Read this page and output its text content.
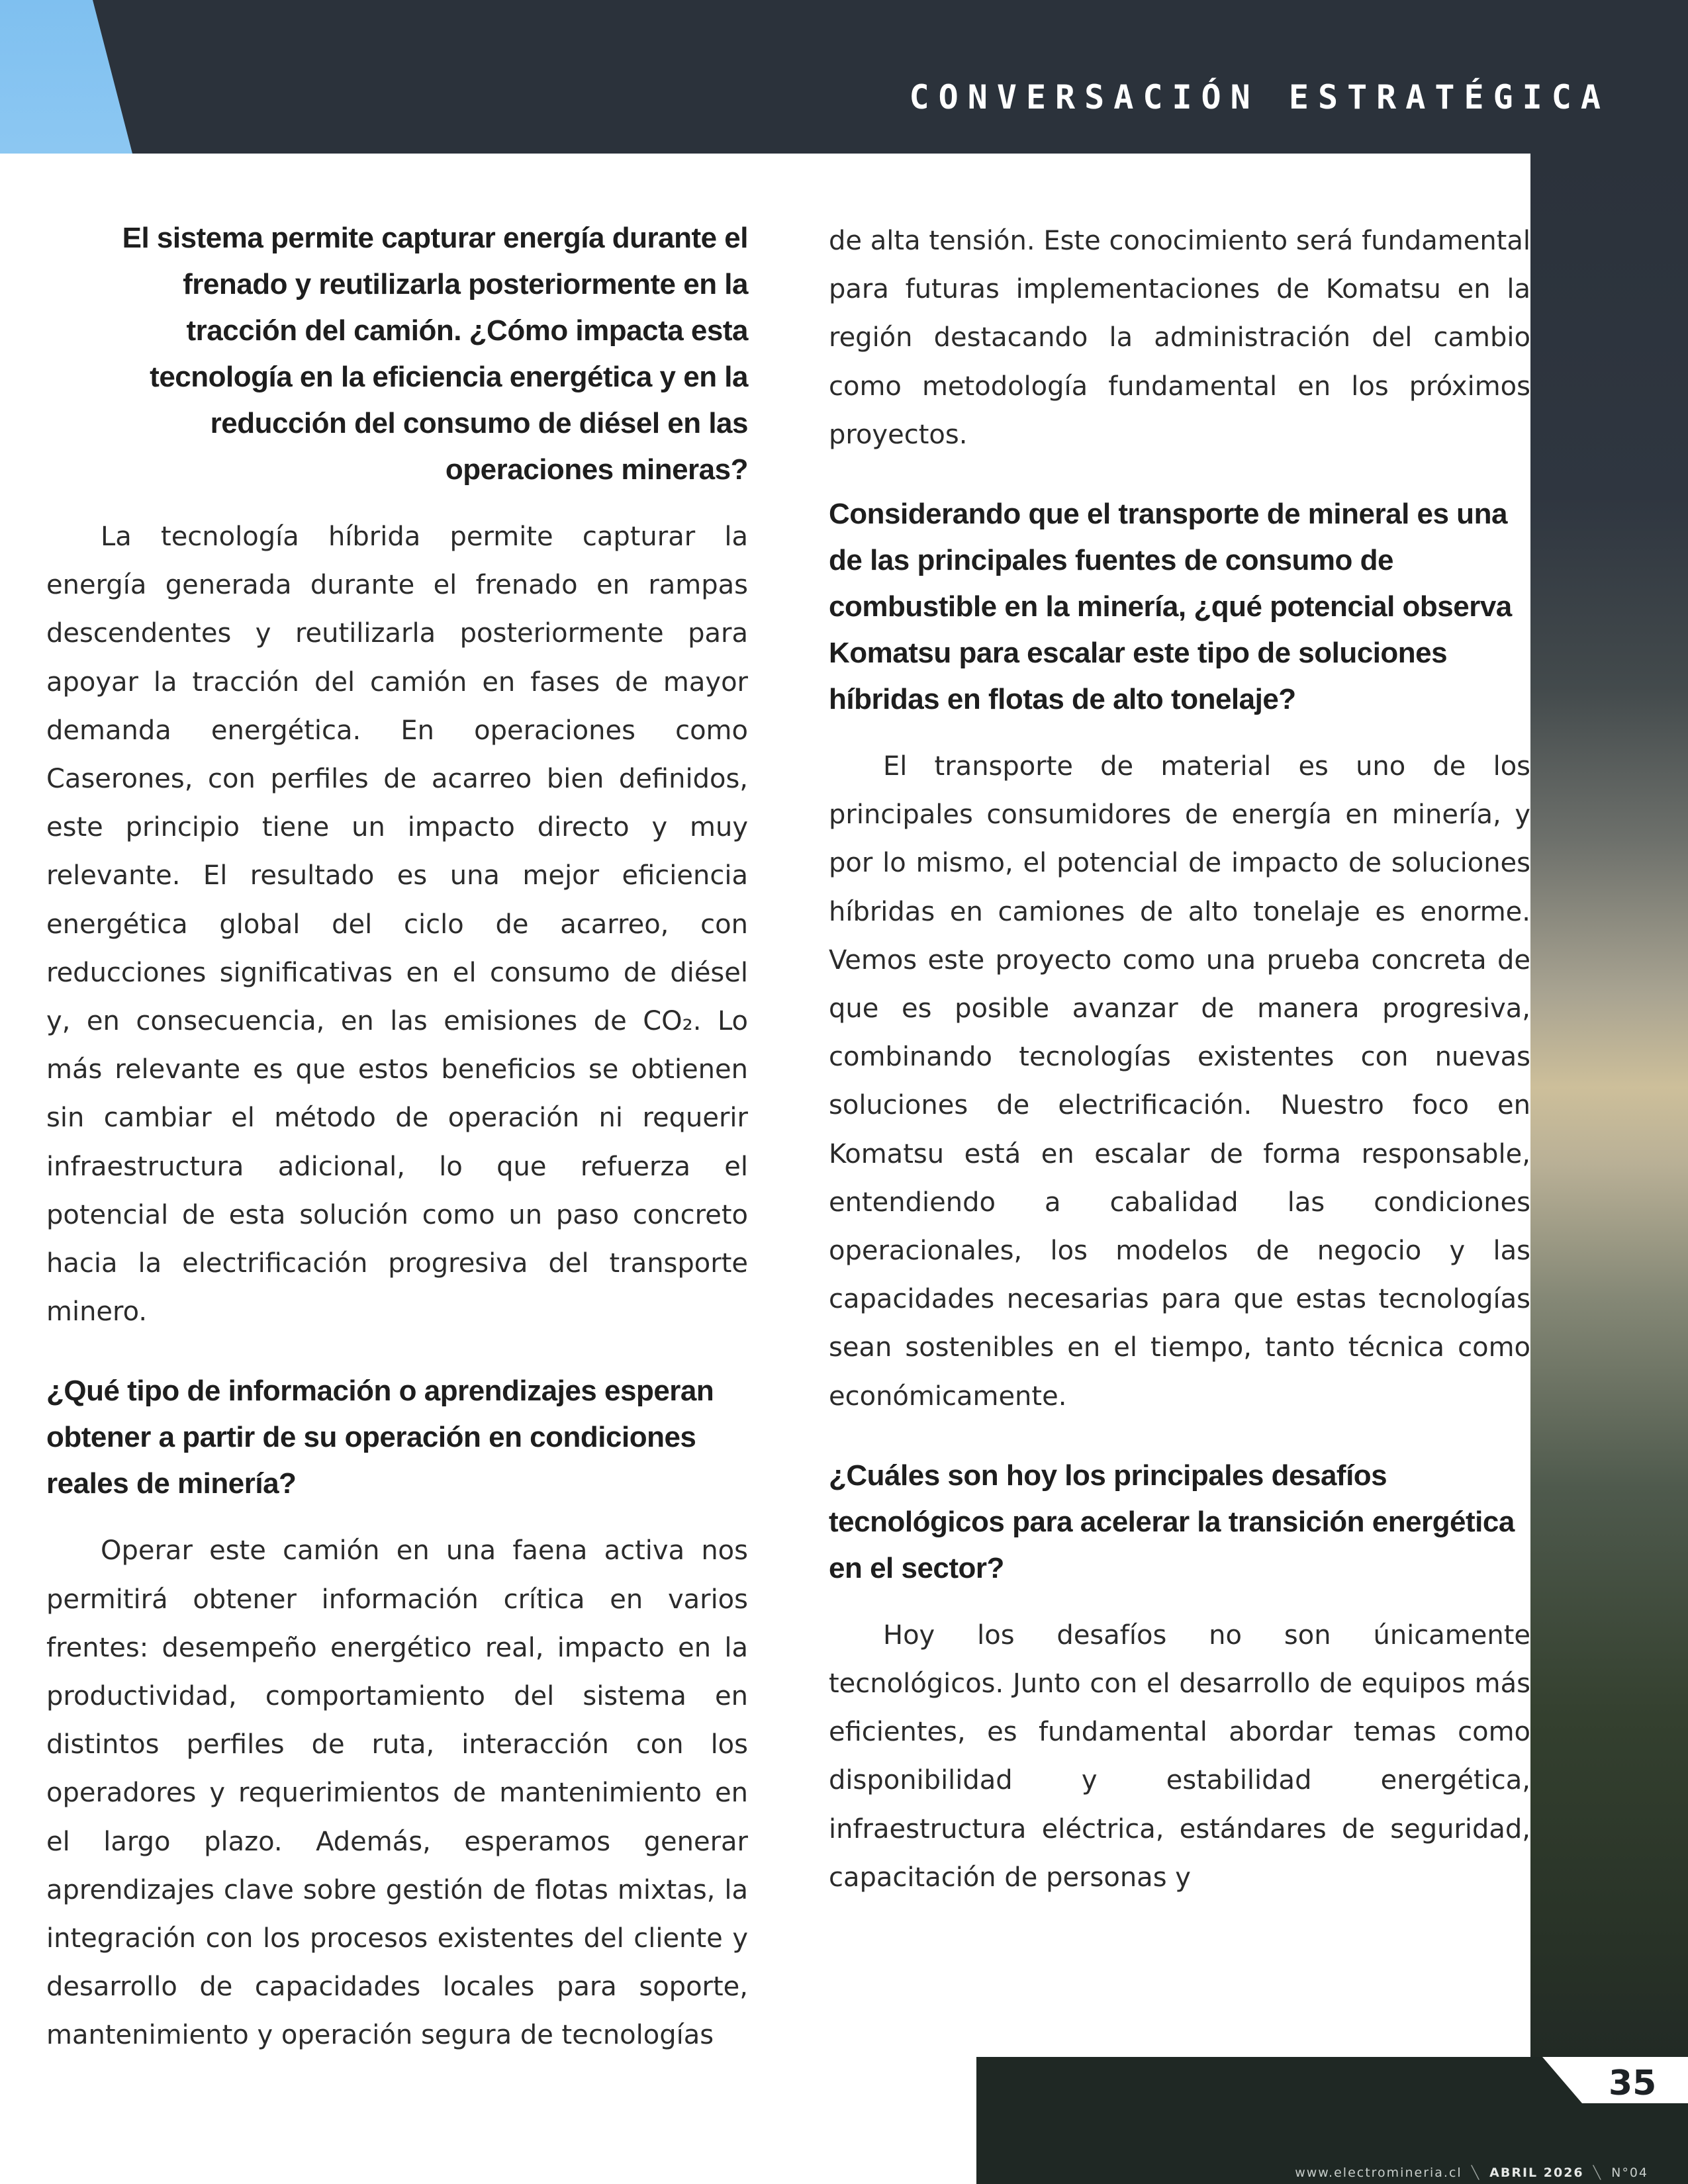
CONVERSACIÓN ESTRATÉGICA

El sistema permite capturar energía durante el frenado y reutilizarla posteriormente en la tracción del camión. ¿Cómo impacta esta tecnología en la eficiencia energética y en la reducción del consumo de diésel en las operaciones mineras?

La tecnología híbrida permite capturar la energía generada durante el frenado en rampas descendentes y reutilizarla posteriormente para apoyar la tracción del camión en fases de mayor demanda energética. En operaciones como Caserones, con perfiles de acarreo bien definidos, este principio tiene un impacto directo y muy relevante. El resultado es una mejor eficiencia energética global del ciclo de acarreo, con reducciones significativas en el consumo de diésel y, en consecuencia, en las emisiones de CO₂. Lo más relevante es que estos beneficios se obtienen sin cambiar el método de operación ni requerir infraestructura adicional, lo que refuerza el potencial de esta solución como un paso concreto hacia la electrificación progresiva del transporte minero.

¿Qué tipo de información o aprendizajes esperan obtener a partir de su operación en condiciones reales de minería?

Operar este camión en una faena activa nos permitirá obtener información crítica en varios frentes: desempeño energético real, impacto en la productividad, comportamiento del sistema en distintos perfiles de ruta, interacción con los operadores y requerimientos de mantenimiento en el largo plazo. Además, esperamos generar aprendizajes clave sobre gestión de flotas mixtas, la integración con los procesos existentes del cliente y desarrollo de capacidades locales para soporte, mantenimiento y operación segura de tecnologías

de alta tensión. Este conocimiento será fundamental para futuras implementaciones de Komatsu en la región destacando la administración del cambio como metodología fundamental en los próximos proyectos.

Considerando que el transporte de mineral es una de las principales fuentes de consumo de combustible en la minería, ¿qué potencial observa Komatsu para escalar este tipo de soluciones híbridas en flotas de alto tonelaje?

El transporte de material es uno de los principales consumidores de energía en minería, y por lo mismo, el potencial de impacto de soluciones híbridas en camiones de alto tonelaje es enorme. Vemos este proyecto como una prueba concreta de que es posible avanzar de manera progresiva, combinando tecnologías existentes con nuevas soluciones de electrificación. Nuestro foco en Komatsu está en escalar de forma responsable, entendiendo a cabalidad las condiciones operacionales, los modelos de negocio y las capacidades necesarias para que estas tecnologías sean sostenibles en el tiempo, tanto técnica como económicamente.

¿Cuáles son hoy los principales desafíos tecnológicos para acelerar la transición energética en el sector?

Hoy los desafíos no son únicamente tecnológicos. Junto con el desarrollo de equipos más eficientes, es fundamental abordar temas como disponibilidad y estabilidad energética, infraestructura eléctrica, estándares de seguridad, capacitación de personas y

35
www.electromineria.cl ╲ ABRIL 2026 ╲ N°04
